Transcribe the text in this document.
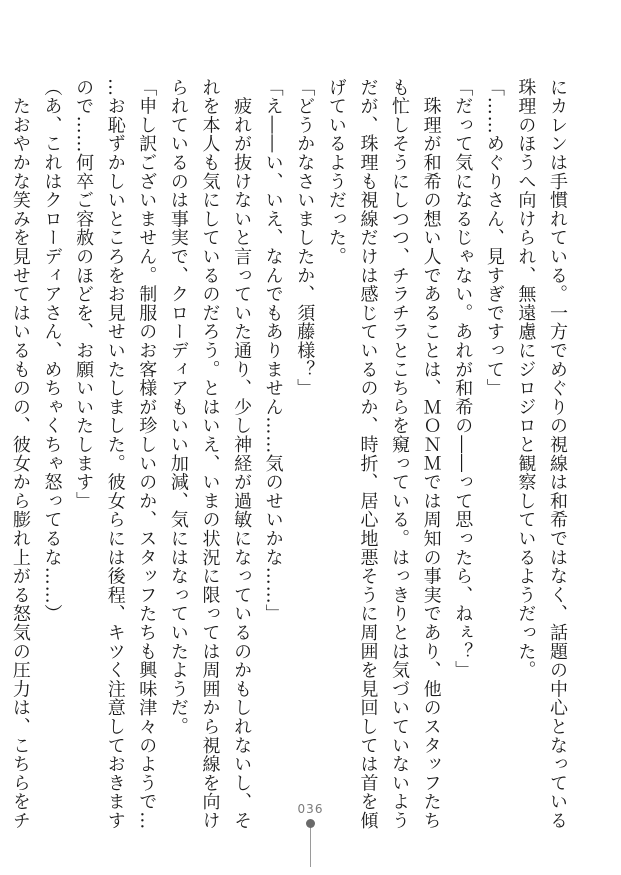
にカレンは手慣れている。一方でめぐりの視線は和希ではなく、話題の中心となっている
珠理のほうへ向けられ、無遠慮にジロジロと観察しているようだった。
「……めぐりさん、見すぎですって」
「だって気になるじゃない。あれが和希の――って思ったら、ねぇ？」
　珠理が和希の想い人であることは、ＭＯＮＭでは周知の事実であり、他のスタッフたち
も忙しそうにしつつ、チラチラとこちらを窺っている。はっきりとは気づいていないよう
だが、珠理も視線だけは感じているのか、時折、居心地悪そうに周囲を見回しては首を傾
げているようだった。
「どうかなさいましたか、須藤様？」
「え――い、いえ、なんでもありません……気のせいかな……」
　疲れが抜けないと言っていた通り、少し神経が過敏になっているのかもしれないし、そ
れを本人も気にしているのだろう。とはいえ、いまの状況に限っては周囲から視線を向け
られているのは事実で、クローディアもいい加減、気にはなっていたようだ。
「申し訳ございません。制服のお客様が珍しいのか、スタッフたちも興味津々のようで…
…お恥ずかしいところをお見せいたしました。彼女らには後程、キツく注意しておきます
ので……何卒ご容赦のほどを、お願いいたします」
（あ、これはクローディアさん、めちゃくちゃ怒ってるな……）
　たおやかな笑みを見せてはいるものの、彼女から膨れ上がる怒気の圧力は、こちらをチ	036
